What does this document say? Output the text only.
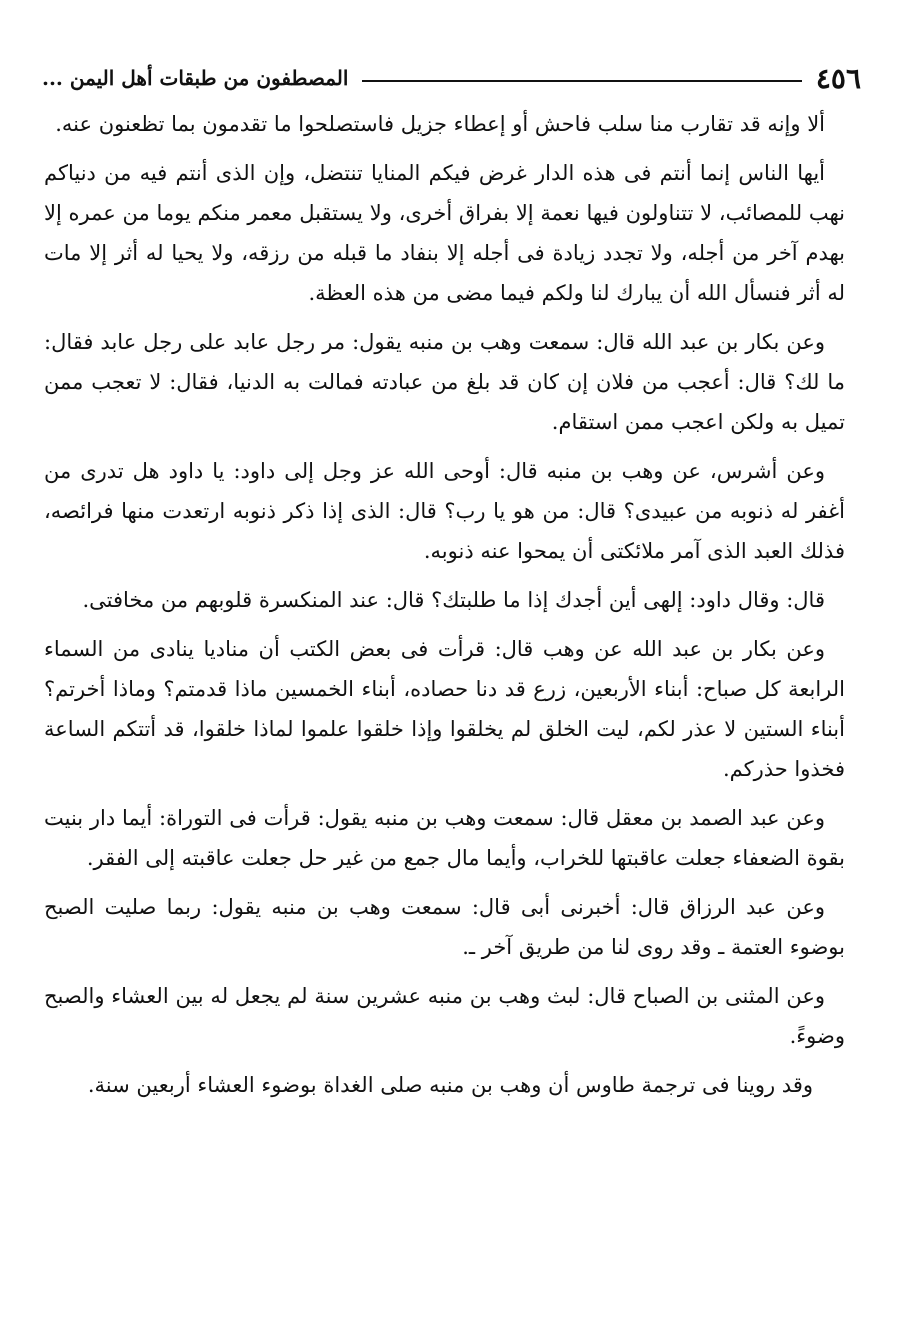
٤٥٦
المصطفون من طبقات أهل اليمن ...

ألا وإنه قد تقارب منا سلب فاحش أو إعطاء جزيل فاستصلحوا ما تقدمون بما تظعنون عنه.

أيها الناس إنما أنتم فى هذه الدار غرض فيكم المنايا تنتضل، وإن الذى أنتم فيه من دنياكم نهب للمصائب، لا تتناولون فيها نعمة إلا بفراق أخرى، ولا يستقبل معمر منكم يوما من عمره إلا بهدم آخر من أجله، ولا تجدد زيادة فى أجله إلا بنفاد ما قبله من رزقه، ولا يحيا له أثر إلا مات له أثر فنسأل الله أن يبارك لنا ولكم فيما مضى من هذه العظة.

وعن بكار بن عبد الله قال: سمعت وهب بن منبه يقول: مر رجل عابد على رجل عابد فقال: ما لك؟ قال: أعجب من فلان إن كان قد بلغ من عبادته فمالت به الدنيا، فقال: لا تعجب ممن تميل به ولكن اعجب ممن استقام.

وعن أشرس، عن وهب بن منبه قال: أوحى الله عز وجل إلى داود: يا داود هل تدرى من أغفر له ذنوبه من عبيدى؟ قال: من هو يا رب؟ قال: الذى إذا ذكر ذنوبه ارتعدت منها فرائصه، فذلك العبد الذى آمر ملائكتى أن يمحوا عنه ذنوبه.

قال: وقال داود: إلهى أين أجدك إذا ما طلبتك؟ قال: عند المنكسرة قلوبهم من مخافتى.

وعن بكار بن عبد الله عن وهب قال: قرأت فى بعض الكتب أن مناديا ينادى من السماء الرابعة كل صباح: أبناء الأربعين، زرع قد دنا حصاده، أبناء الخمسين ماذا قدمتم؟ وماذا أخرتم؟ أبناء الستين لا عذر لكم، ليت الخلق لم يخلقوا وإذا خلقوا علموا لماذا خلقوا، قد أتتكم الساعة فخذوا حذركم.

وعن عبد الصمد بن معقل قال: سمعت وهب بن منبه يقول: قرأت فى التوراة: أيما دار بنيت بقوة الضعفاء جعلت عاقبتها للخراب، وأيما مال جمع من غير حل جعلت عاقبته إلى الفقر.

وعن عبد الرزاق قال: أخبرنى أبى قال: سمعت وهب بن منبه يقول: ربما صليت الصبح بوضوء العتمة ـ وقد روى لنا من طريق آخر ـ.

وعن المثنى بن الصباح قال: لبث وهب بن منبه عشرين سنة لم يجعل له بين العشاء والصبح وضوءً.

وقد روينا فى ترجمة طاوس أن وهب بن منبه صلى الغداة بوضوء العشاء أربعين سنة.
